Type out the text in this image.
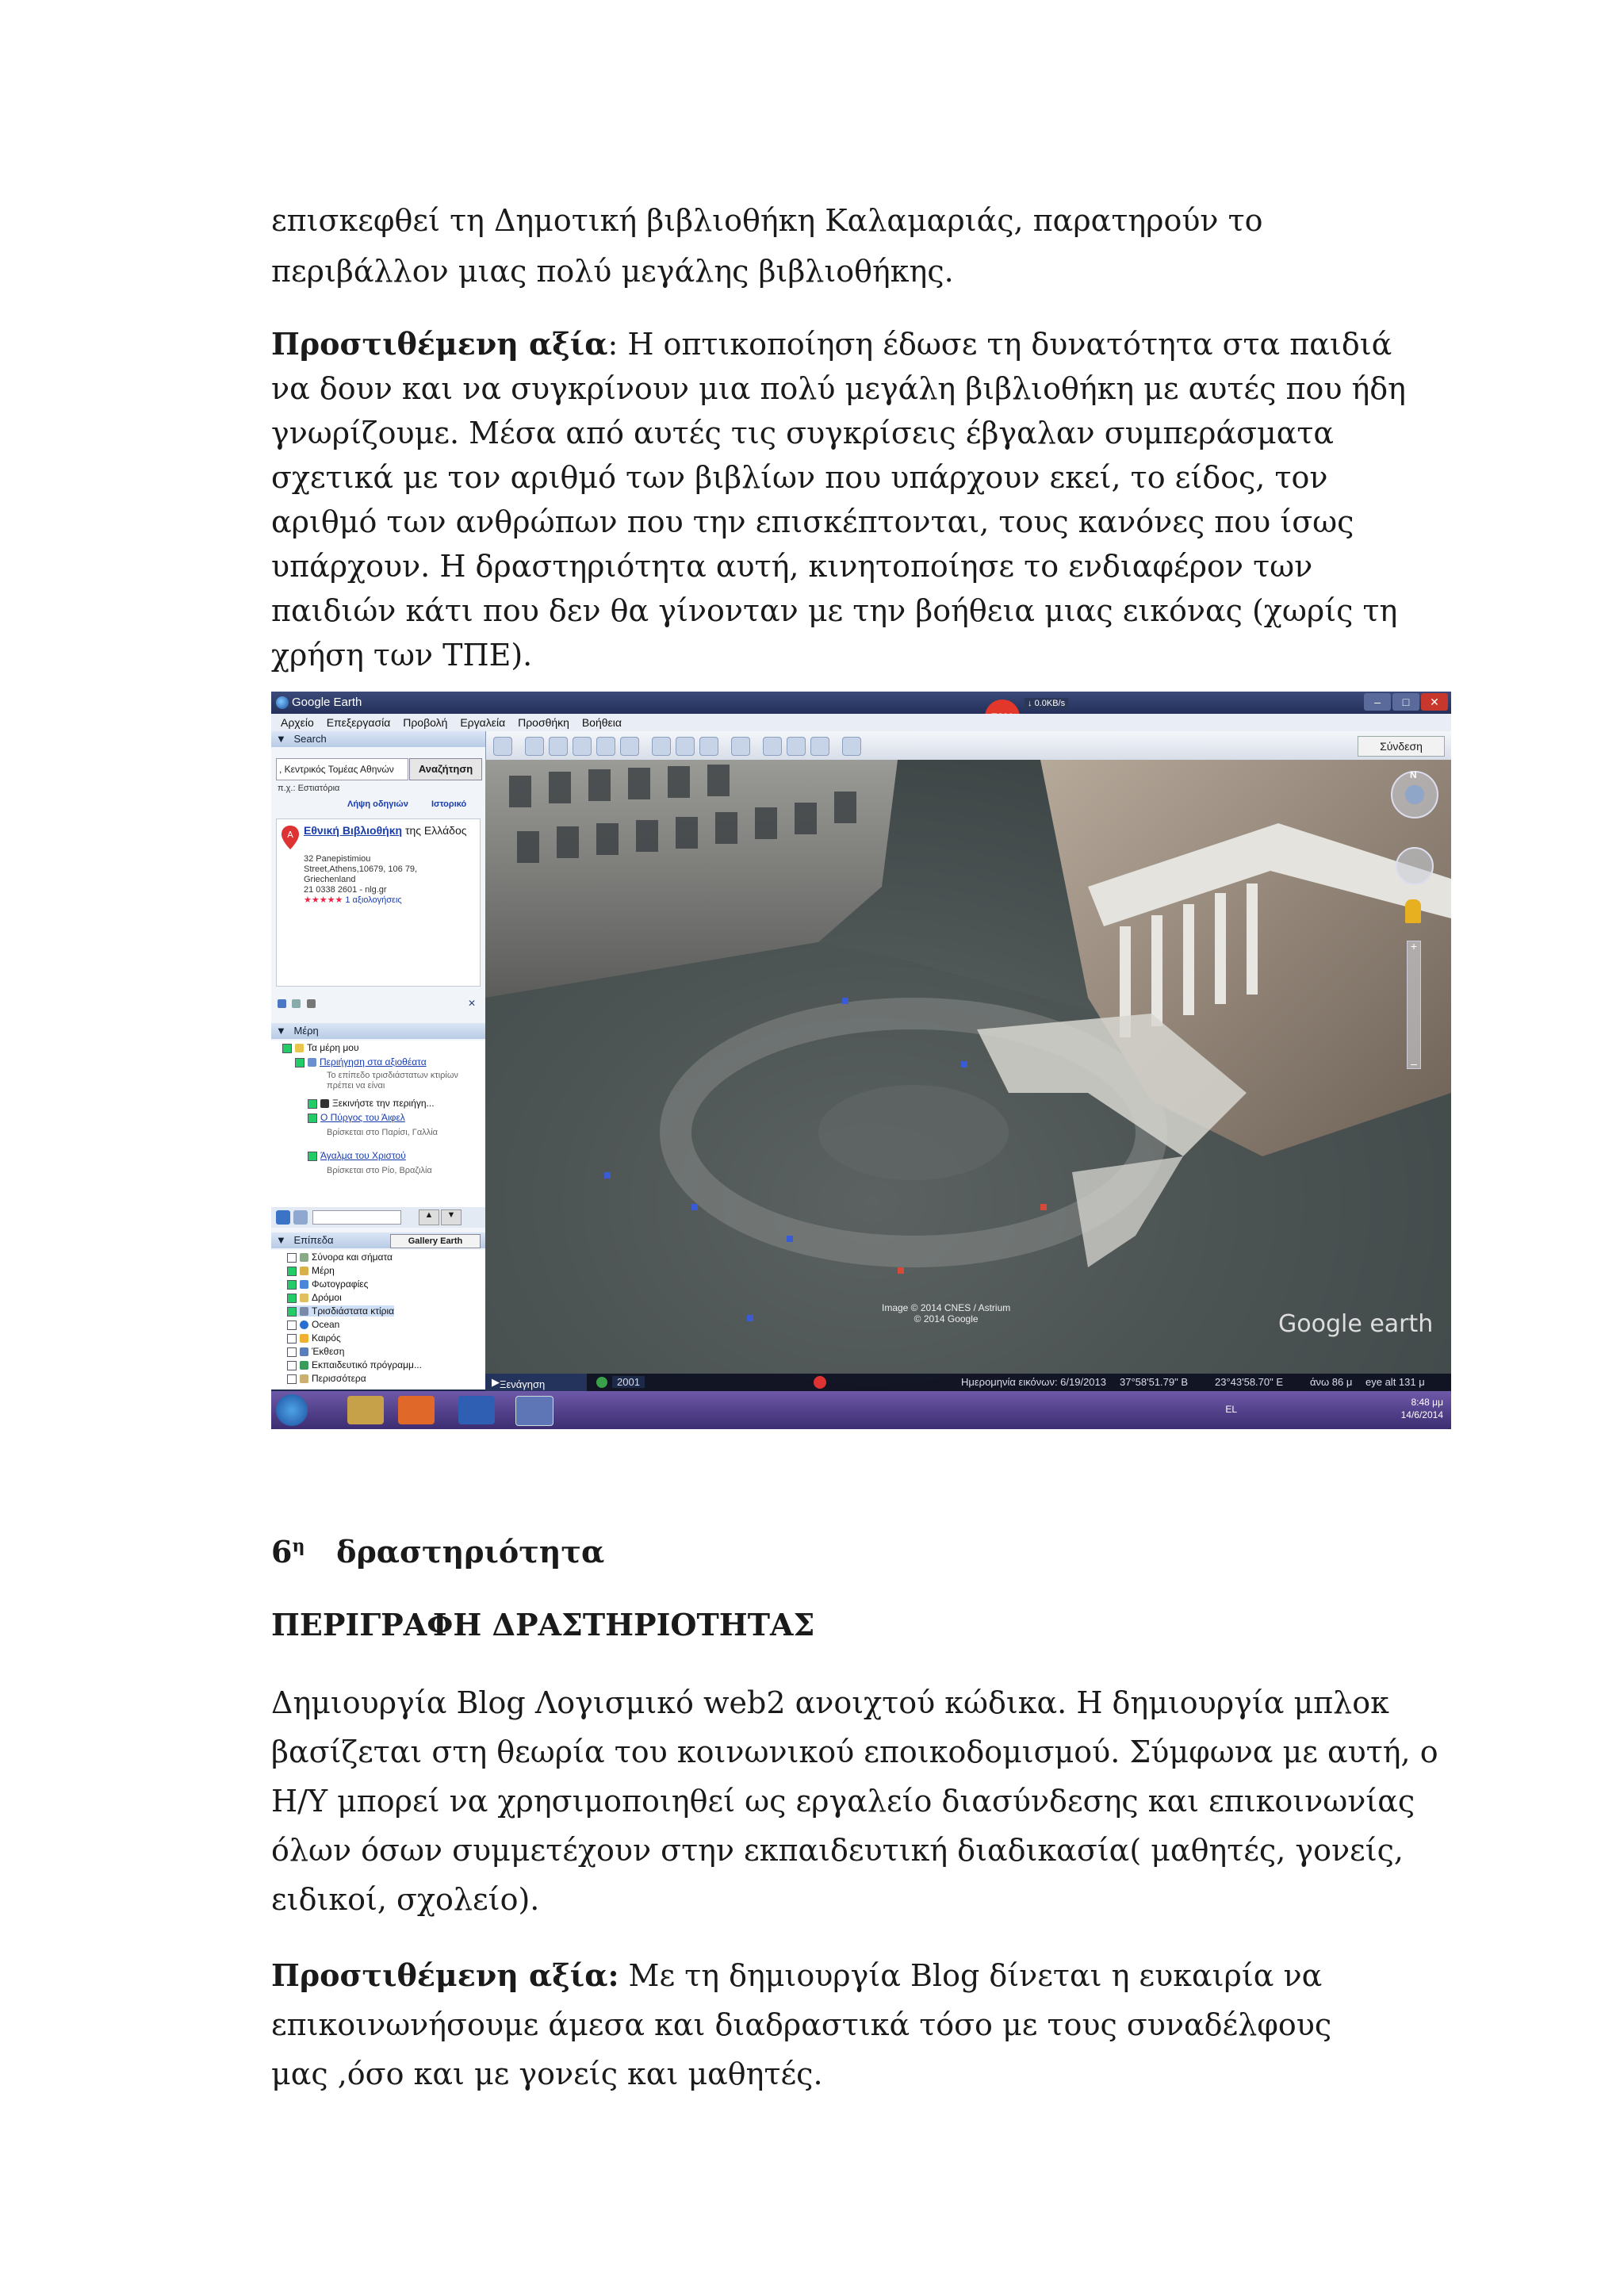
επισκεφθεί τη Δημοτική βιβλιοθήκη Καλαμαριάς, παρατηρούν το

περιβάλλον μιας πολύ μεγάλης βιβλιοθήκης.

Προστιθέμενη αξία: Η οπτικοποίηση έδωσε τη δυνατότητα στα παιδιά να δουν και να συγκρίνουν μια πολύ μεγάλη βιβλιοθήκη με αυτές που ήδη γνωρίζουμε. Μέσα από αυτές τις συγκρίσεις έβγαλαν συμπεράσματα σχετικά με τον αριθμό των βιβλίων που υπάρχουν εκεί, το είδος, τον αριθμό των ανθρώπων που την επισκέπτονται, τους κανόνες που ίσως υπάρχουν. Η δραστηριότητα αυτή, κινητοποίησε το ενδιαφέρον των παιδιών κάτι που δεν θα γίνονταν με την βοήθεια μιας εικόνας (χωρίς τη χρήση των ΤΠΕ).

Google Earth	–	□	✕
↓ 0.0KB/s
Αρχείο Επεξεργασία Προβολή Εργαλεία Προσθήκη Βοήθεια
Σύνδεση
▼ Search
, Κεντρικός Τομέας Αθηνών	Αναζήτηση
π.χ.: Εστιατόρια
Λήψη οδηγιών	Ιστορικό
A Εθνική Βιβλιοθήκη της Ελλάδος
32 Panepistimiou
Street,Athens,10679, 106 79,
Griechenland
21 0338 2601 - nlg.gr
★★★★★ 1 αξιολογήσεις

✕
▼ Μέρη
Τα μέρη μου
Περιήγηση στα αξιοθέατα
Το επίπεδο τρισδιάστατων κτιρίων πρέπει να είναι
Ξεκινήστε την περιήγη...
Ο Πύργος του Άιφελ
Βρίσκεται στο Παρίσι, Γαλλία
Άγαλμα του Χριστού
Βρίσκεται στο Ρίο, Βραζιλία
▲	▼
▼ Επίπεδα	Gallery Earth
Σύνορα και σήματα
Μέρη
Φωτογραφίες
Δρόμοι
Τρισδιάστατα κτίρια
Ocean
Καιρός
Έκθεση
Εκπαιδευτικό πρόγραμμ...
Περισσότερα
N
+
–
Image © 2014 CNES / Astrium
© 2014 Google	Google earth
▶ Ξενάγηση	2001	Ημερομηνία εικόνων: 6/19/2013 37°58'51.79" B	23°43'58.70" E	άνω 86 μ eye alt 131 μ
EL
8:48 μμ
14/6/2014
$6^\eta$ δραστηριότητα
ΠΕΡΙΓΡΑΦΗ ΔΡΑΣΤΗΡΙΟΤΗΤΑΣ

Δημιουργία Blog Λογισμικό web2 ανοιχτού κώδικα. Η δημιουργία μπλοκ βασίζεται στη θεωρία του κοινωνικού εποικοδομισμού. Σύμφωνα με αυτή, ο Η/Υ μπορεί να χρησιμοποιηθεί ως εργαλείο διασύνδεσης και επικοινωνίας όλων όσων συμμετέχουν στην εκπαιδευτική διαδικασία( μαθητές, γονείς, ειδικοί, σχολείο).

Προστιθέμενη αξία: Με τη δημιουργία Blog δίνεται η ευκαιρία να επικοινωνήσουμε άμεσα και διαδραστικά τόσο με τους συναδέλφους μας ,όσο και με γονείς και μαθητές.
